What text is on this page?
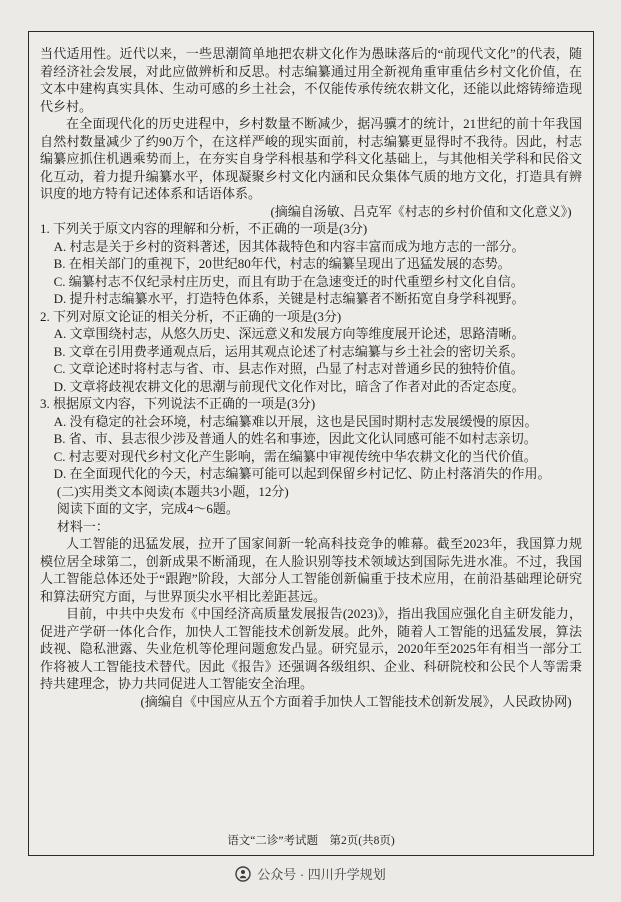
当代适用性。近代以来，一些思潮简单地把农耕文化作为愚昧落后的“前现代文化”的代表，随着经济社会发展，对此应做辨析和反思。村志编纂通过用全新视角重审重估乡村文化价值，在文本中建构真实具体、生动可感的乡土社会，不仅能传承传统农耕文化，还能以此熔铸缔造现代乡村。
在全面现代化的历史进程中，乡村数量不断减少，据冯骥才的统计，21世纪的前十年我国自然村数量减少了约90万个，在这样严峻的现实面前，村志编纂更显得时不我待。因此，村志编纂应抓住机遇乘势而上，在夯实自身学科根基和学科文化基础上，与其他相关学科和民俗文化互动，着力提升编纂水平，体现凝聚乡村文化内涵和民众集体气质的地方文化，打造具有辨识度的地方特有记述体系和话语体系。
(摘编自汤敏、吕克军《村志的乡村价值和文化意义》)
1. 下列关于原文内容的理解和分析，不正确的一项是(3分)
A. 村志是关于乡村的资料著述，因其体裁特色和内容丰富而成为地方志的一部分。
B. 在相关部门的重视下，20世纪80年代，村志的编纂呈现出了迅猛发展的态势。
C. 编纂村志不仅纪录村庄历史，而且有助于在急速变迁的时代重塑乡村文化自信。
D. 提升村志编纂水平，打造特色体系，关键是村志编纂者不断拓宽自身学科视野。
2. 下列对原文论证的相关分析，不正确的一项是(3分)
A. 文章围绕村志，从悠久历史、深远意义和发展方向等维度展开论述，思路清晰。
B. 文章在引用费孝通观点后，运用其观点论述了村志编纂与乡土社会的密切关系。
C. 文章论述时将村志与省、市、县志作对照，凸显了村志对普通乡民的独特价值。
D. 文章将歧视农耕文化的思潮与前现代文化作对比，暗含了作者对此的否定态度。
3. 根据原文内容，下列说法不正确的一项是(3分)
A. 没有稳定的社会环境，村志编纂难以开展，这也是民国时期村志发展缓慢的原因。
B. 省、市、县志很少涉及普通人的姓名和事迹，因此文化认同感可能不如村志亲切。
C. 村志要对现代乡村文化产生影响，需在编纂中审视传统中华农耕文化的当代价值。
D. 在全面现代化的今天，村志编纂可能可以起到保留乡村记忆、防止村落消失的作用。
(二)实用类文本阅读(本题共3小题，12分)
阅读下面的文字，完成4～6题。
材料一：
人工智能的迅猛发展，拉开了国家间新一轮高科技竞争的帷幕。截至2023年，我国算力规模位居全球第二，创新成果不断涌现，在人脸识别等技术领域达到国际先进水准。不过，我国人工智能总体还处于“跟跑”阶段，大部分人工智能创新偏重于技术应用，在前沿基础理论研究和算法研究方面，与世界顶尖水平相比差距甚远。
目前，中共中央发布《中国经济高质量发展报告(2023)》，指出我国应强化自主研发能力，促进产学研一体化合作，加快人工智能技术创新发展。此外，随着人工智能的迅猛发展，算法歧视、隐私泄露、失业危机等伦理问题愈发凸显。研究显示，2020年至2025年有相当一部分工作将被人工智能技术替代。因此《报告》还强调各级组织、企业、科研院校和公民个人等需秉持共建理念，协力共同促进人工智能安全治理。
(摘编自《中国应从五个方面着手加快人工智能技术创新发展》，人民政协网)
语文“二诊”考试题    第2页(共8页)
公众号 · 四川升学规划
